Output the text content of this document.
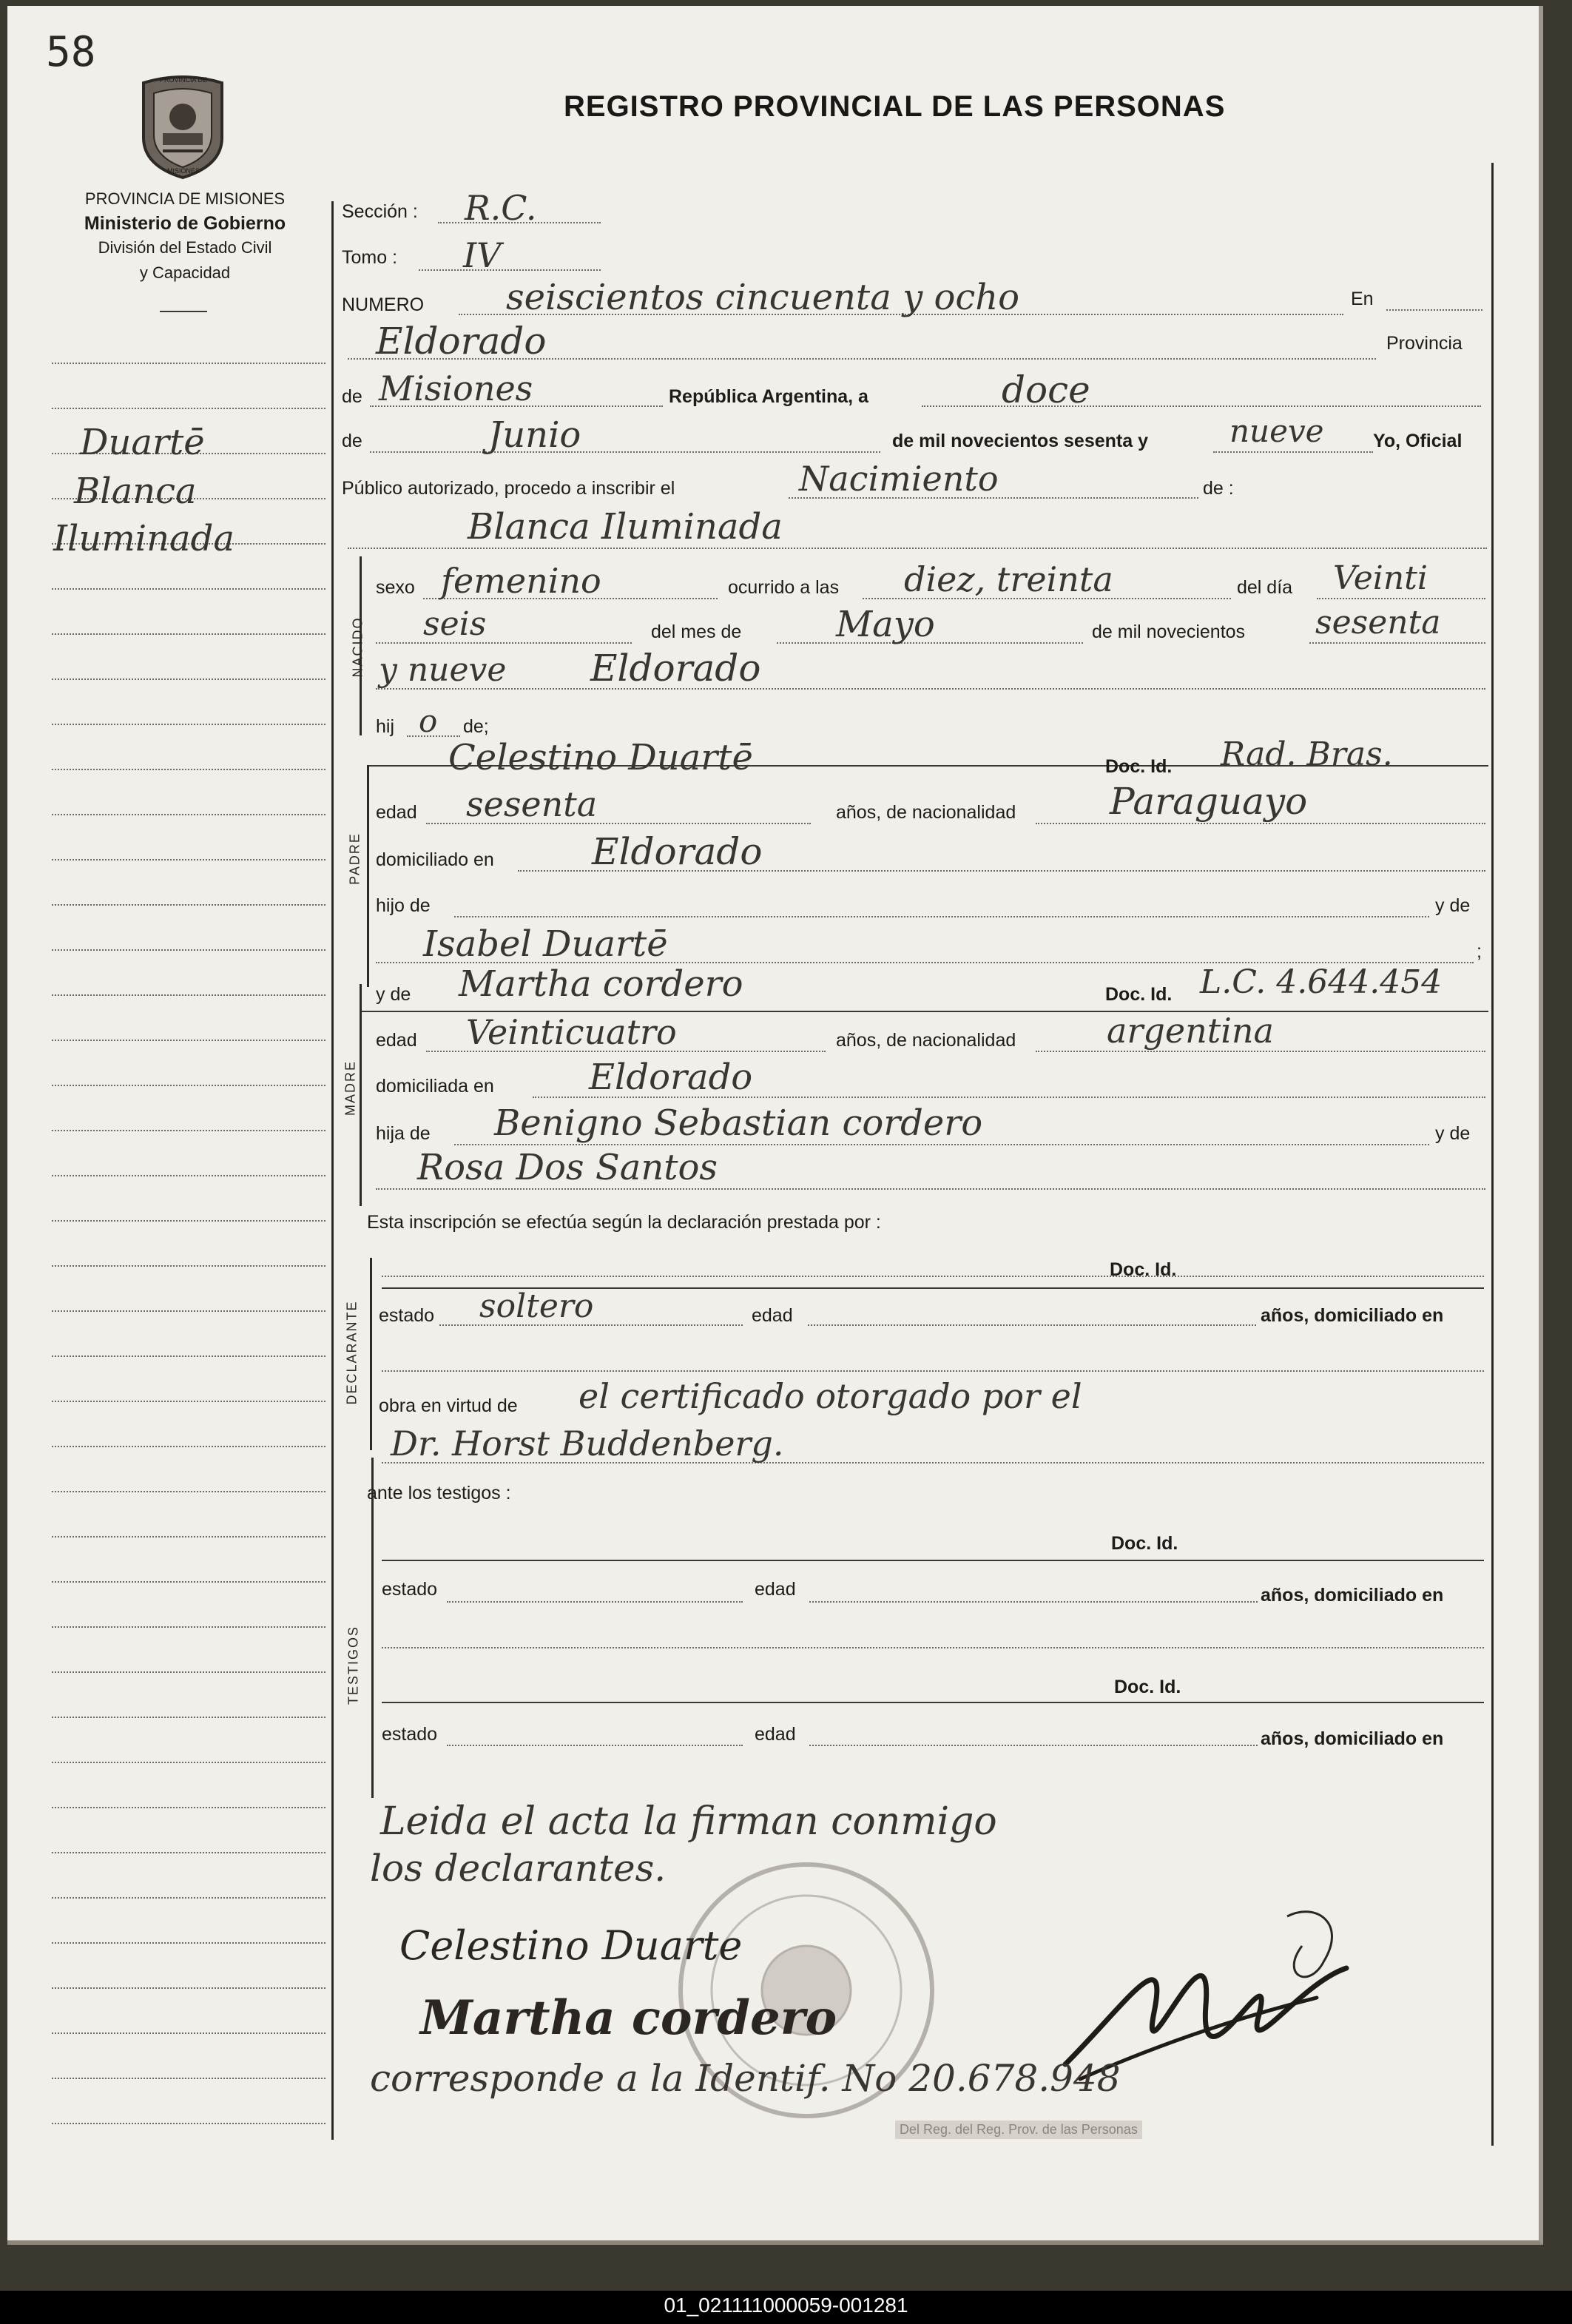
58
REGISTRO PROVINCIAL DE LAS PERSONAS
PROVINCIA DE
MISIONES
PROVINCIA DE MISIONES
Ministerio de Gobierno
División del Estado Civil
y Capacidad
Duartē
Blanca
Iluminada
Sección : R.C.
Tomo : IV
NUMERO seiscientos cincuenta y ocho	En
Eldorado	Provincia
de Misiones	República Argentina, a	doce
de	Junio	de mil novecientos sesenta y	nueve	Yo, Oficial
Público autorizado, procedo a inscribir el	Nacimiento	de :
Blanca Iluminada
NACIDO
sexo femenino	ocurrido a las diez, treinta	del día Veinti
seis	del mes de	Mayo	de mil novecientos sesenta
y nueve Eldorado
hij o de;
PADRE
Celestino Duartē	Doc. Id. Rad. Bras.
edad sesenta	años, de nacionalidad	Paraguayo
domiciliado en	Eldorado
hijo de	y de
Isabel Duartē	;
MADRE
y de Martha cordero	Doc. Id. L.C. 4.644.454
edad Veinticuatro	años, de nacionalidad	argentina
domiciliada en	Eldorado
hija de Benigno Sebastian cordero	y de
Rosa Dos Santos
Esta inscripción se efectúa según la declaración prestada por :
DECLARANTE
Doc. Id.
estado soltero	edad	años, domiciliado en
obra en virtud de el certificado otorgado por el
Dr. Horst Buddenberg.
ante los testigos :
TESTIGOS
Doc. Id.
estado	edad	años, domiciliado en
Doc. Id.
estado	edad	años, domiciliado en
Leida el acta la firman conmigo
los declarantes.
Celestino Duarte
Martha cordero
corresponde a la Identif. No 20.678.948
Del Reg. del Reg. Prov. de las Personas
01_021111000059-001281
